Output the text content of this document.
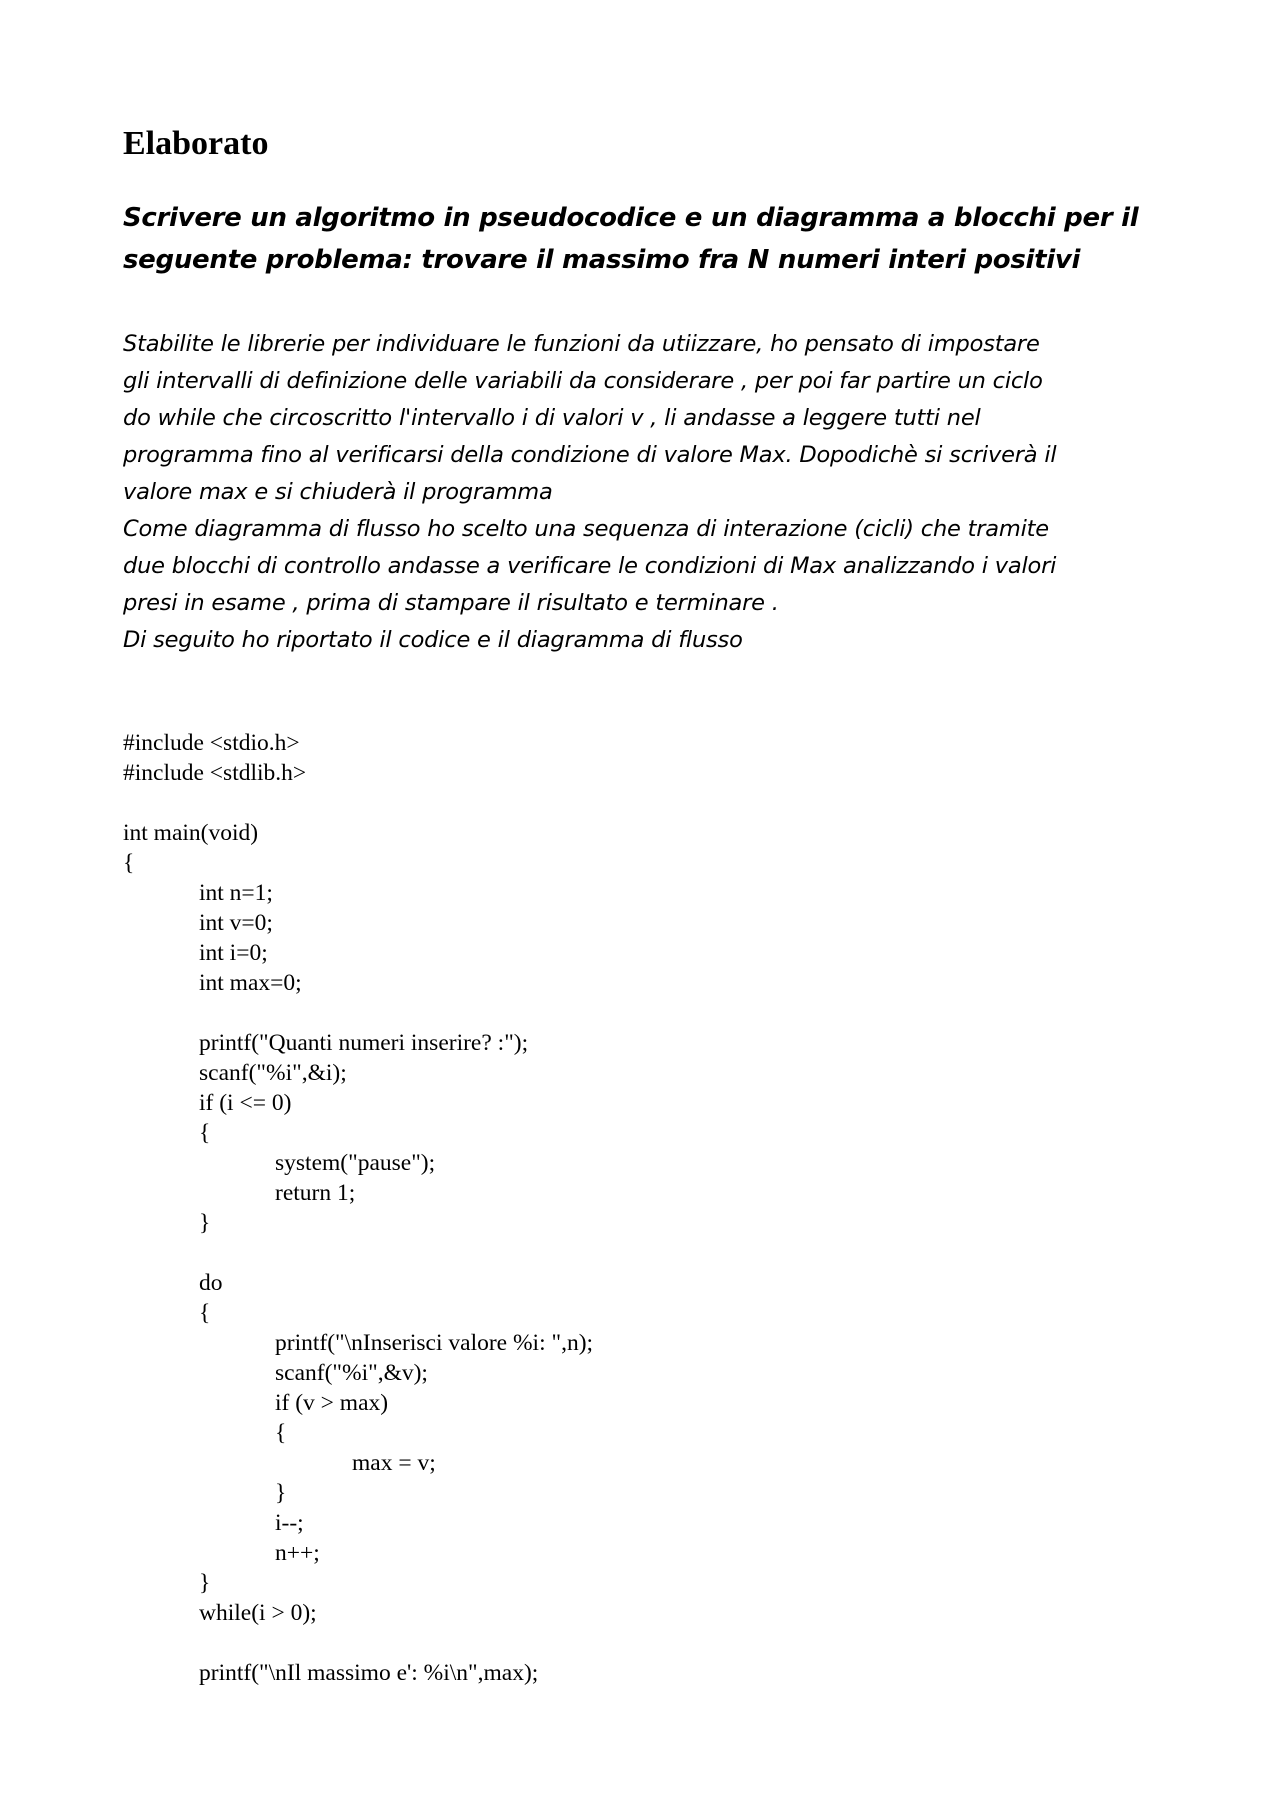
Elaborato
Scrivere un algoritmo in pseudocodice e un diagramma a blocchi per il
seguente problema: trovare il massimo fra N numeri interi positivi
Stabilite le librerie per individuare le funzioni da utiizzare, ho pensato di impostare
gli intervalli di definizione delle variabili da considerare , per poi far partire un ciclo
do while che circoscritto l'intervallo i di valori v , li andasse a leggere tutti nel
programma fino al verificarsi della condizione di valore Max. Dopodichè si scriverà il
valore max e si chiuderà il programma
Come diagramma di flusso ho scelto una sequenza di interazione (cicli) che tramite
due blocchi di controllo andasse a verificare le condizioni di Max analizzando i valori
presi in esame , prima di stampare il risultato e terminare .
Di seguito ho riportato il codice e il diagramma di flusso
#include <stdio.h>
#include <stdlib.h>
int main(void)
{
int n=1;
int v=0;
int i=0;
int max=0;
printf("Quanti numeri inserire? :");
scanf("%i",&i);
if (i <= 0)
{
system("pause");
return 1;
}
do
{
printf("\nInserisci valore %i: ",n);
scanf("%i",&v);
if (v > max)
{
max = v;
}
i--;
n++;
}
while(i > 0);
printf("\nIl massimo e': %i\n",max);
